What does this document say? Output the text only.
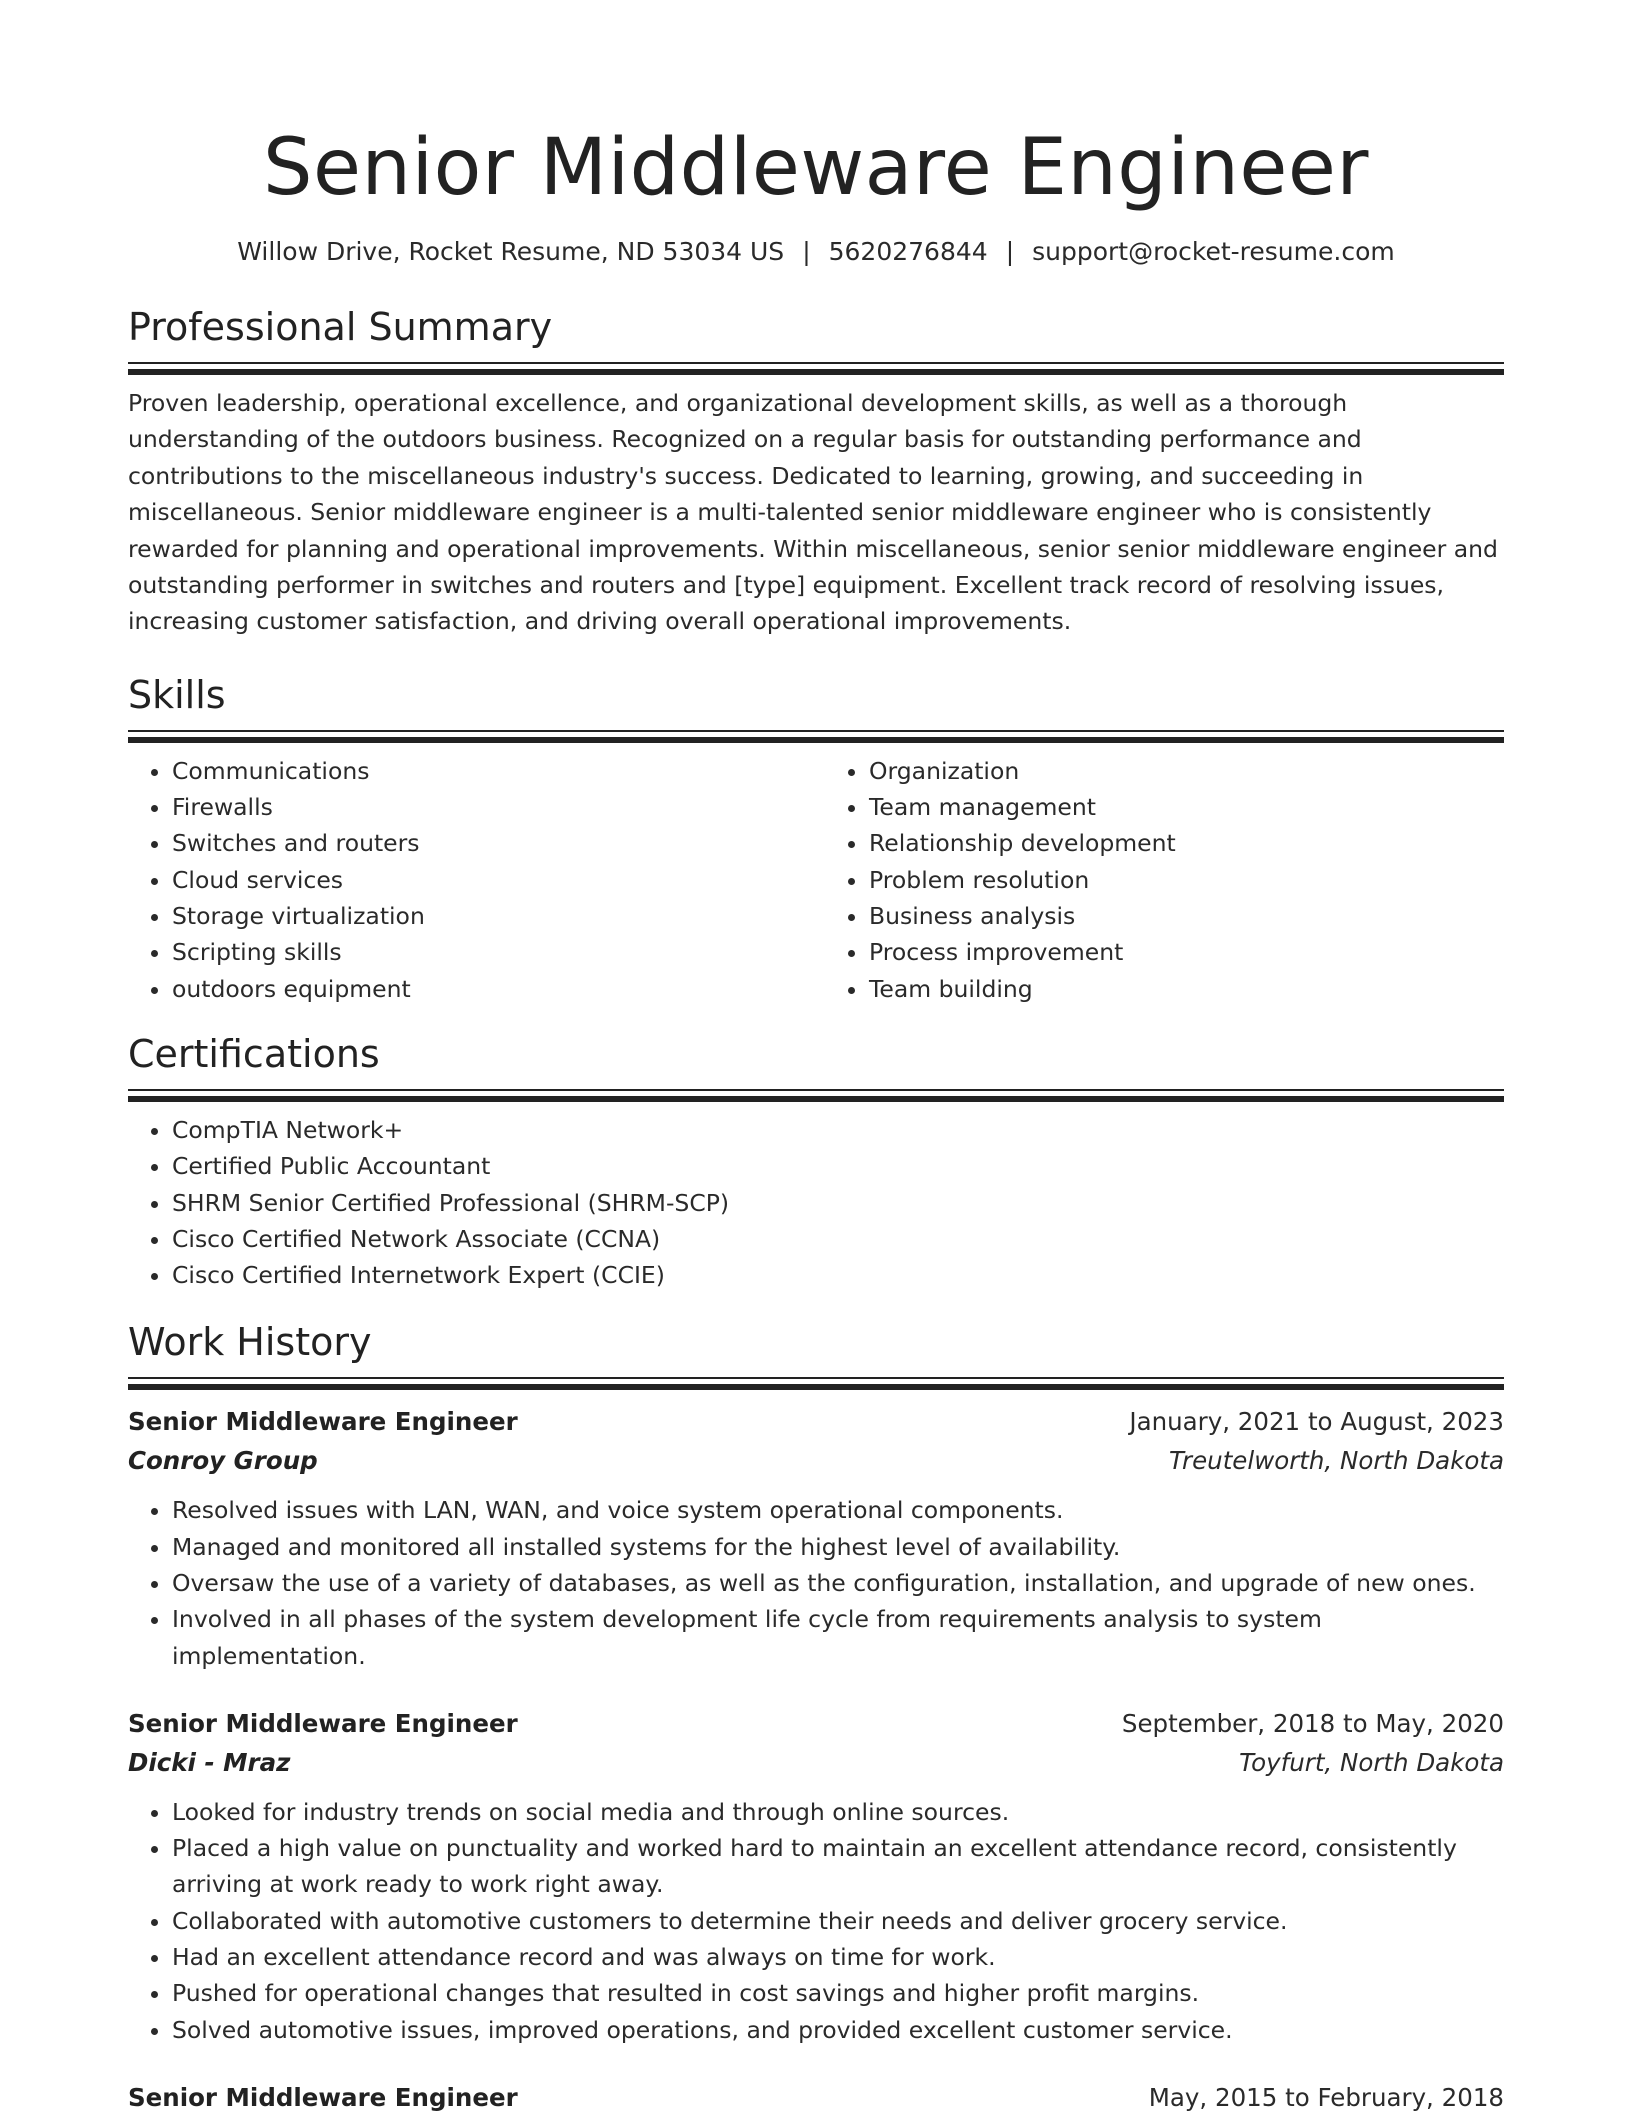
Senior Middleware Engineer
Willow Drive, Rocket Resume, ND 53034 US | 5620276844 | support@rocket-resume.com
Professional Summary
Proven leadership, operational excellence, and organizational development skills, as well as a thorough understanding of the outdoors business. Recognized on a regular basis for outstanding performance and contributions to the miscellaneous industry's success. Dedicated to learning, growing, and succeeding in miscellaneous. Senior middleware engineer is a multi-talented senior middleware engineer who is consistently rewarded for planning and operational improvements. Within miscellaneous, senior senior middleware engineer and outstanding performer in switches and routers and [type] equipment. Excellent track record of resolving issues, increasing customer satisfaction, and driving overall operational improvements.
Skills
• Communications
• Firewalls
• Switches and routers
• Cloud services
• Storage virtualization
• Scripting skills
• outdoors equipment
• Organization
• Team management
• Relationship development
• Problem resolution
• Business analysis
• Process improvement
• Team building
Certifications
• CompTIA Network+
• Certified Public Accountant
• SHRM Senior Certified Professional (SHRM-SCP)
• Cisco Certified Network Associate (CCNA)
• Cisco Certified Internetwork Expert (CCIE)
Work History
Senior Middleware Engineer	January, 2021 to August, 2023
Conroy Group	Treutelworth, North Dakota
• Resolved issues with LAN, WAN, and voice system operational components.
• Managed and monitored all installed systems for the highest level of availability.
• Oversaw the use of a variety of databases, as well as the configuration, installation, and upgrade of new ones.
• Involved in all phases of the system development life cycle from requirements analysis to system implementation.
Senior Middleware Engineer	September, 2018 to May, 2020
Dicki - Mraz	Toyfurt, North Dakota
• Looked for industry trends on social media and through online sources.
• Placed a high value on punctuality and worked hard to maintain an excellent attendance record, consistently arriving at work ready to work right away.
• Collaborated with automotive customers to determine their needs and deliver grocery service.
• Had an excellent attendance record and was always on time for work.
• Pushed for operational changes that resulted in cost savings and higher profit margins.
• Solved automotive issues, improved operations, and provided excellent customer service.
Senior Middleware Engineer	May, 2015 to February, 2018
